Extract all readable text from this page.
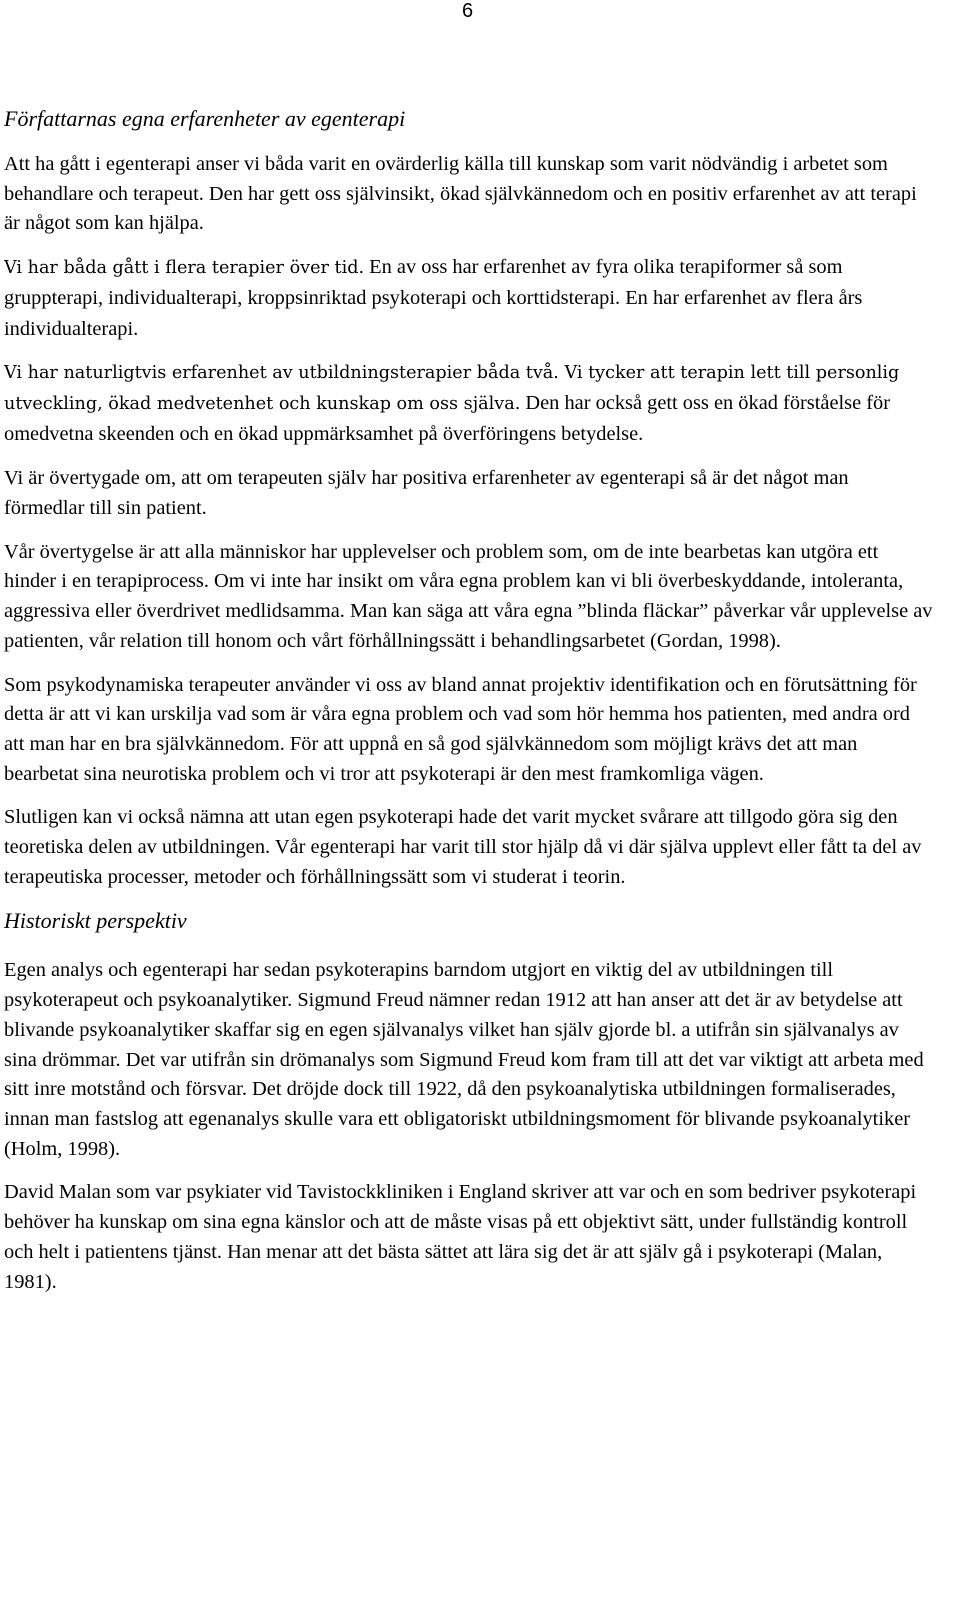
6
Författarnas egna erfarenheter av egenterapi

Att ha gått i egenterapi anser vi båda varit en ovärderlig källa till kunskap som varit nödvändig i arbetet som behandlare och terapeut. Den har gett oss självinsikt, ökad självkännedom och en positiv erfarenhet av att terapi är något som kan hjälpa.

Vi har båda gått i flera terapier över tid. En av oss har erfarenhet av fyra olika terapiformer så som gruppterapi, individualterapi, kroppsinriktad psykoterapi och korttidsterapi. En har erfarenhet av flera års individualterapi.

Vi har naturligtvis erfarenhet av utbildningsterapier båda två. Vi tycker att terapin lett till personlig utveckling, ökad medvetenhet och kunskap om oss själva. Den har också gett oss en ökad förståelse för omedvetna skeenden och en ökad uppmärksamhet på överföringens betydelse.

Vi är övertygade om, att om terapeuten själv har positiva erfarenheter av egenterapi så är det något man förmedlar till sin patient.

Vår övertygelse är att alla människor har upplevelser och problem som, om de inte bearbetas kan utgöra ett hinder i en terapiprocess. Om vi inte har insikt om våra egna problem kan vi bli överbeskyddande, intoleranta, aggressiva eller överdrivet medlidsamma. Man kan säga att våra egna ”blinda fläckar” påverkar vår upplevelse av patienten, vår relation till honom och vårt förhållningssätt i behandlingsarbetet (Gordan, 1998).

Som psykodynamiska terapeuter använder vi oss av bland annat projektiv identifikation och en förutsättning för detta är att vi kan urskilja vad som är våra egna problem och vad som hör hemma hos patienten, med andra ord att man har en bra självkännedom. För att uppnå en så god självkännedom som möjligt krävs det att man bearbetat sina neurotiska problem och vi tror att psykoterapi är den mest framkomliga vägen.

Slutligen kan vi också nämna att utan egen psykoterapi hade det varit mycket svårare att tillgodo göra sig den teoretiska delen av utbildningen. Vår egenterapi har varit till stor hjälp då vi där själva upplevt eller fått ta del av terapeutiska processer, metoder och förhållningssätt som vi studerat i teorin.

Historiskt perspektiv

Egen analys och egenterapi har sedan psykoterapins barndom utgjort en viktig del av utbildningen till psykoterapeut och psykoanalytiker. Sigmund Freud nämner redan 1912 att han anser att det är av betydelse att blivande psykoanalytiker skaffar sig en egen självanalys vilket han själv gjorde bl. a utifrån sin självanalys av sina drömmar. Det var utifrån sin drömanalys som Sigmund Freud kom fram till att det var viktigt att arbeta med sitt inre motstånd och försvar. Det dröjde dock till 1922, då den psykoanalytiska utbildningen formaliserades, innan man fastslog att egenanalys skulle vara ett obligatoriskt utbildningsmoment för blivande psykoanalytiker (Holm, 1998).

David Malan som var psykiater vid Tavistockkliniken i England skriver att var och en som bedriver psykoterapi behöver ha kunskap om sina egna känslor och att de måste visas på ett objektivt sätt, under fullständig kontroll och helt i patientens tjänst. Han menar att det bästa sättet att lära sig det är att själv gå i psykoterapi (Malan, 1981).
